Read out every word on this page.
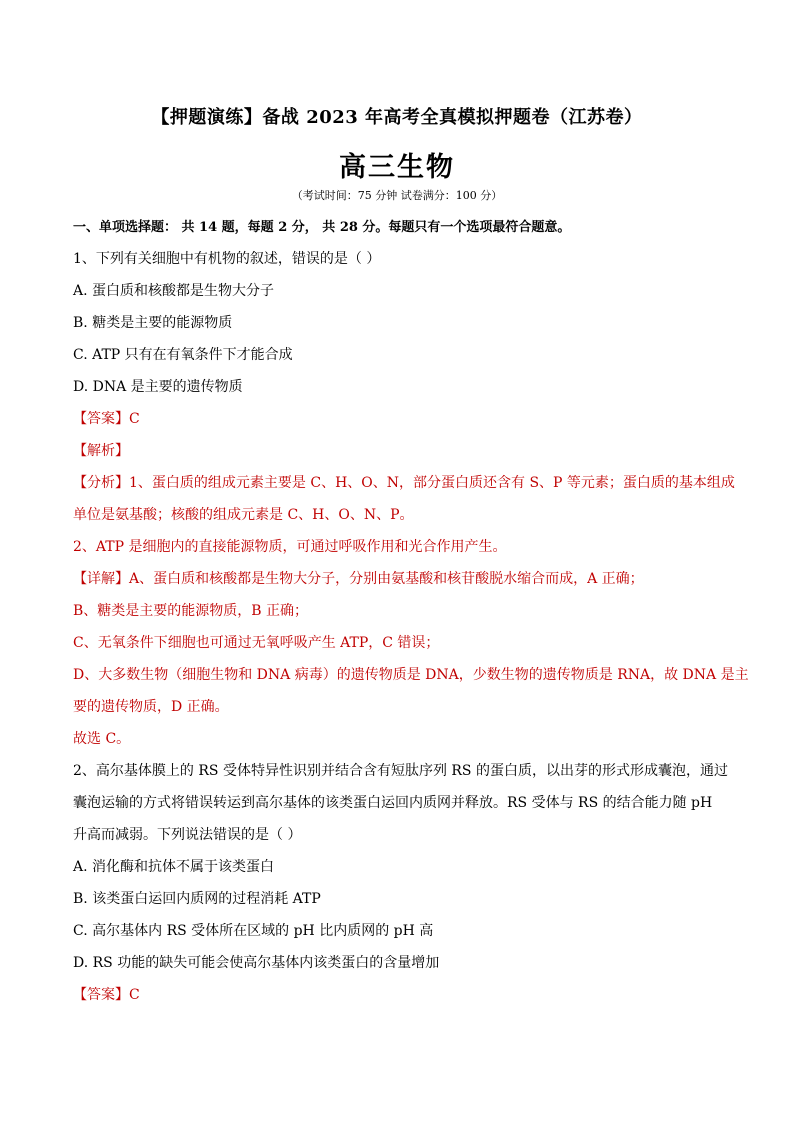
【押题演练】备战 2023 年高考全真模拟押题卷（江苏卷）
高三生物
（考试时间：75 分钟 试卷满分：100 分）
一、单项选择题： 共 14 题，每题 2 分， 共 28 分。每题只有一个选项最符合题意。
1、下列有关细胞中有机物的叙述，错误的是（ ）
A. 蛋白质和核酸都是生物大分子
B. 糖类是主要的能源物质
C. ATP 只有在有氧条件下才能合成
D. DNA 是主要的遗传物质
【答案】C
【解析】
【分析】1、蛋白质的组成元素主要是 C、H、O、N，部分蛋白质还含有 S、P 等元素；蛋白质的基本组成
单位是氨基酸；核酸的组成元素是 C、H、O、N、P。
2、ATP 是细胞内的直接能源物质，可通过呼吸作用和光合作用产生。
【详解】A、蛋白质和核酸都是生物大分子，分别由氨基酸和核苷酸脱水缩合而成，A 正确；
B、糖类是主要的能源物质，B 正确；
C、无氧条件下细胞也可通过无氧呼吸产生 ATP，C 错误；
D、大多数生物（细胞生物和 DNA 病毒）的遗传物质是 DNA，少数生物的遗传物质是 RNA，故 DNA 是主
要的遗传物质，D 正确。
故选 C。
2、高尔基体膜上的 RS 受体特异性识别并结合含有短肽序列 RS 的蛋白质，以出芽的形式形成囊泡，通过
囊泡运输的方式将错误转运到高尔基体的该类蛋白运回内质网并释放。RS 受体与 RS 的结合能力随 pH
升高而减弱。下列说法错误的是（ ）
A. 消化酶和抗体不属于该类蛋白
B. 该类蛋白运回内质网的过程消耗 ATP
C. 高尔基体内 RS 受体所在区域的 pH 比内质网的 pH 高
D. RS 功能的缺失可能会使高尔基体内该类蛋白的含量增加
【答案】C
